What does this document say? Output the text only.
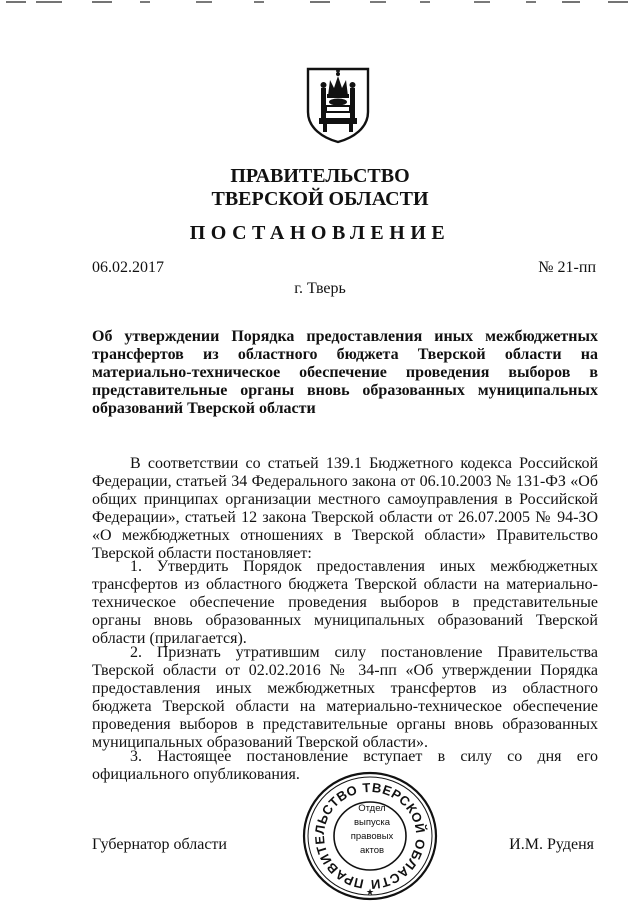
ПРАВИТЕЛЬСТВО
ТВЕРСКОЙ ОБЛАСТИ
ПОСТАНОВЛЕНИЕ
06.02.2017	№ 21-пп
г. Тверь
Об утверждении Порядка предоставления иных межбюджетных трансфертов из областного бюджета Тверской области на материально-техническое обеспечение проведения выборов в представительные органы вновь образованных муниципальных образований Тверской области

В соответствии со статьей 139.1 Бюджетного кодекса Российской Федерации, статьей 34 Федерального закона от 06.10.2003 № 131-ФЗ «Об общих принципах организации местного самоуправления в Российской Федерации», статьей 12 закона Тверской области от 26.07.2005 № 94-ЗО «О межбюджетных отношениях в Тверской области» Правительство Тверской области постановляет:

1. Утвердить Порядок предоставления иных межбюджетных трансфертов из областного бюджета Тверской области на материально-техническое обеспечение проведения выборов в представительные органы вновь образованных муниципальных образований Тверской области (прилагается).

2. Признать утратившим силу постановление Правительства Тверской области от 02.02.2016 № 34-пп «Об утверждении Порядка предоставления иных межбюджетных трансфертов из областного бюджета Тверской области на материально-техническое обеспечение проведения выборов в представительные органы вновь образованных муниципальных образований Тверской области».

3. Настоящее постановление вступает в силу со дня его официального опубликования.

Губернатор области	И.М. Руденя
ПРАВИТЕЛЬСТВО ТВЕРСКОЙ ОБЛАСТИ
★
Отдел
выпуска
правовых
актов
